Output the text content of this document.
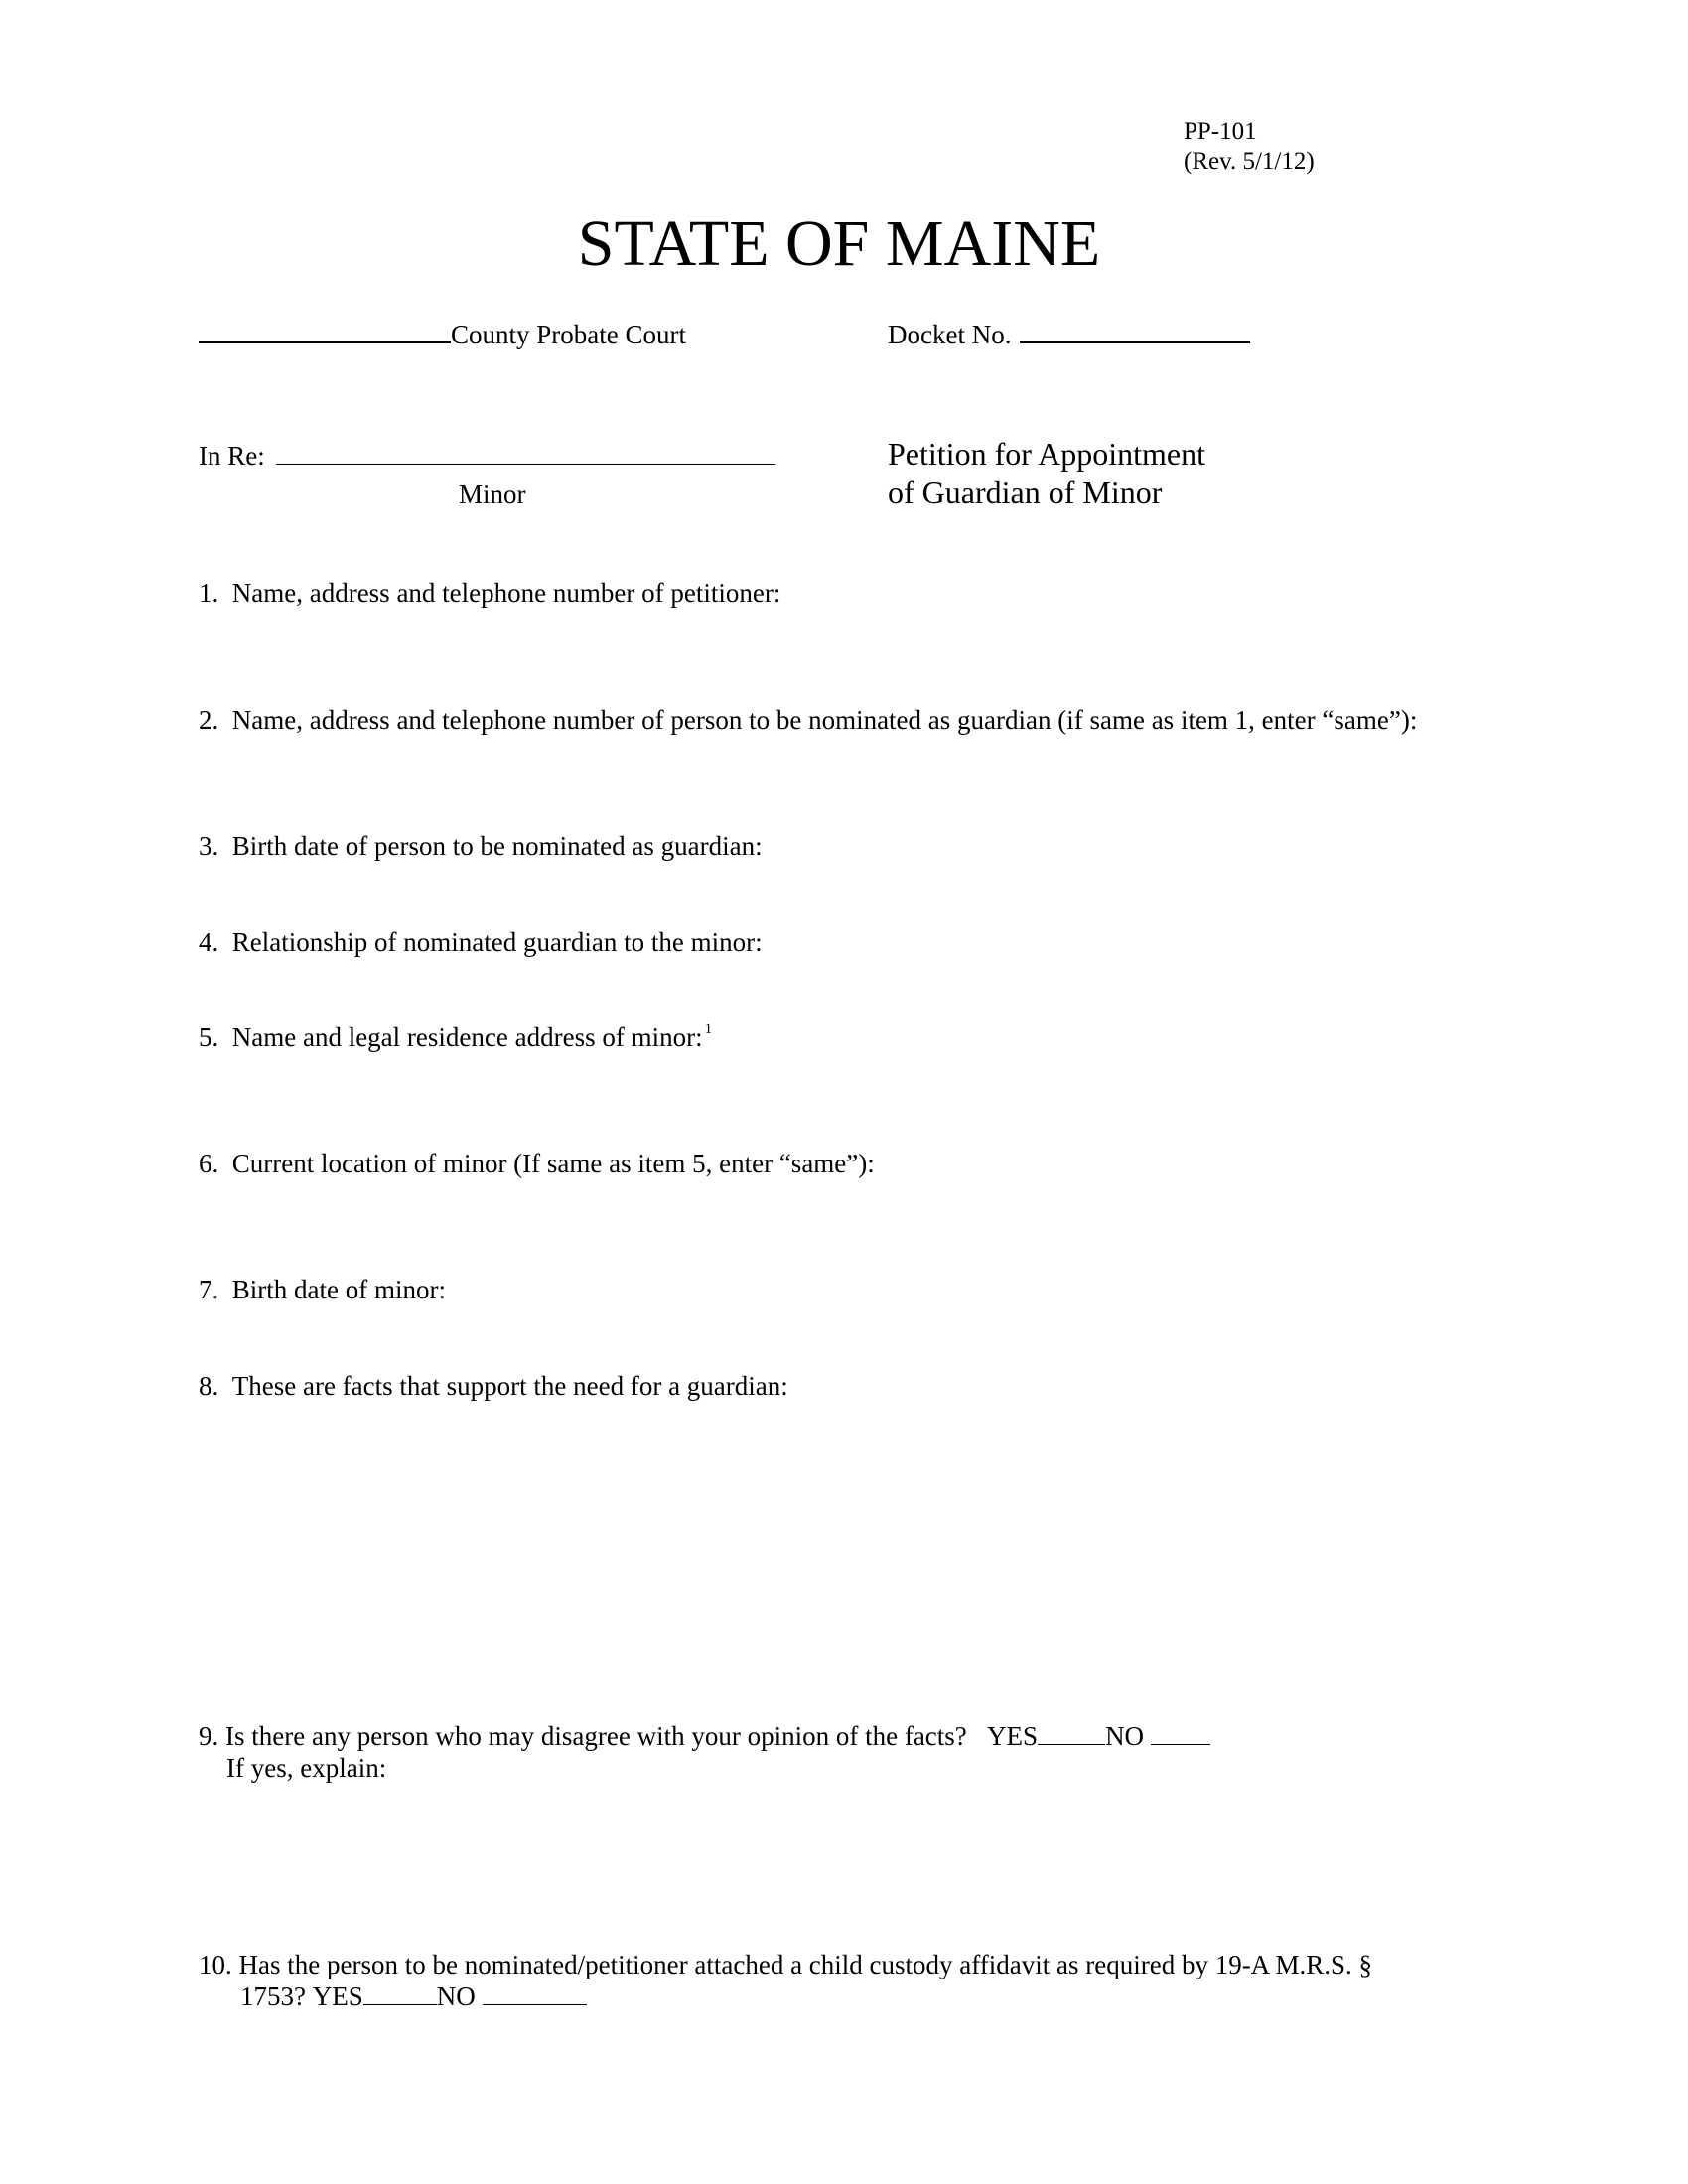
PP-101
(Rev. 5/1/12)
STATE OF MAINE
County Probate Court	Docket No.
In Re:
Minor
Petition for Appointment
of Guardian of Minor
1. Name, address and telephone number of petitioner:
2. Name, address and telephone number of person to be nominated as guardian (if same as item 1, enter “same”):
3. Birth date of person to be nominated as guardian:
4. Relationship of nominated guardian to the minor:
5. Name and legal residence address of minor: $^1$
6. Current location of minor (If same as item 5, enter “same”):
7. Birth date of minor:
8. These are facts that support the need for a guardian:
9. Is there any person who may disagree with your opinion of the facts? YES	NO
If yes, explain:
10. Has the person to be nominated/petitioner attached a child custody affidavit as required by 19-A M.R.S. §
1753? YES	NO
